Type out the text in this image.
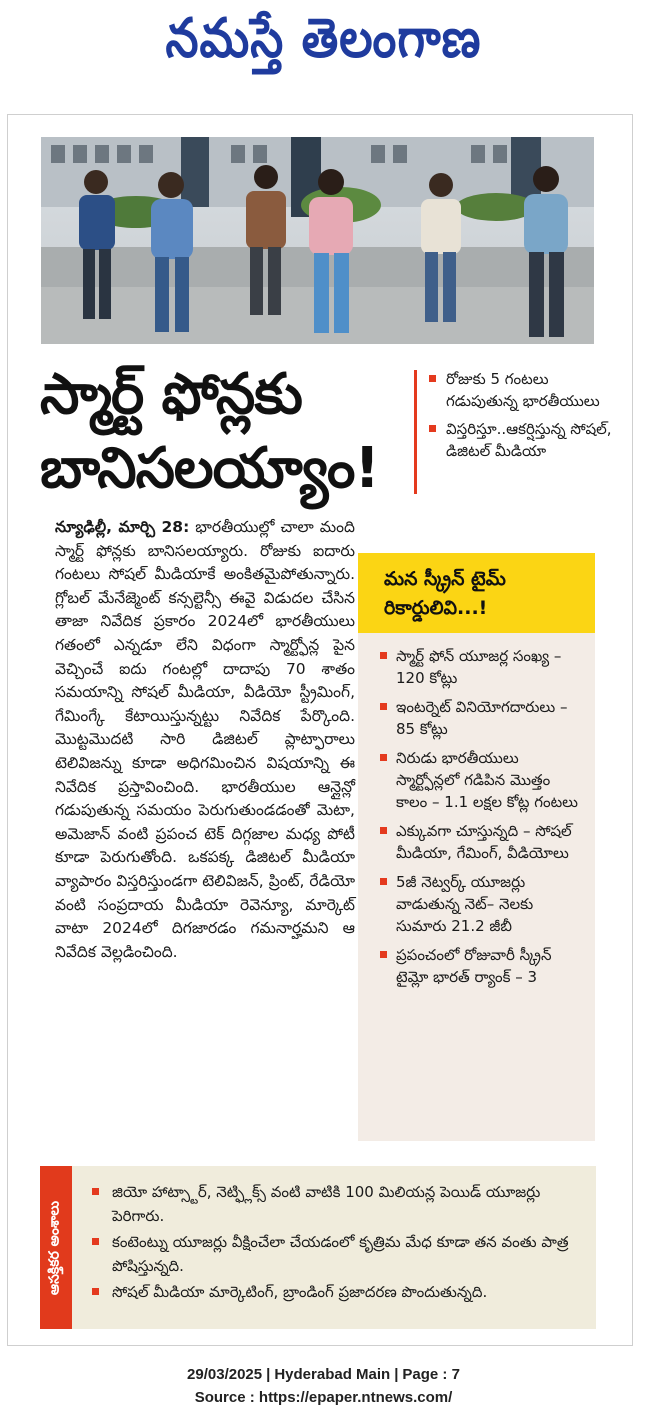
నమస్తే తెలంగాణ
స్మార్ట్ ఫోన్లకు
బానిసలయ్యాం!
రోజుకు 5 గంటలు గడుపుతున్న భారతీయులు
విస్తరిస్తూ..ఆకర్షిస్తున్న సోషల్, డిజిటల్ మీడియా
న్యూఢిల్లీ, మార్చి 28: భారతీయుల్లో చాలా మంది స్మార్ట్ ఫోన్లకు బానిసలయ్యారు. రోజుకు ఐదారు గంటలు సోషల్ మీడియాకే అంకితమైపోతున్నారు. గ్లోబల్ మేనేజ్మెంట్ కన్సల్టెన్సీ ఈవై విడుదల చేసిన తాజా నివేదిక ప్రకారం 2024లో భారతీయులు గతంలో ఎన్నడూ లేని విధంగా స్మార్ట్ఫోన్ల పైన వెచ్చించే ఐదు గంటల్లో దాదాపు 70 శాతం సమయాన్ని సోషల్ మీడియా, వీడియో స్ట్రీమింగ్, గేమింగ్కే కేటాయిస్తున్నట్టు నివేదిక పేర్కొంది. మొట్టమొదటి సారి డిజిటల్ ప్లాట్ఫారాలు టెలివిజన్ను కూడా అధిగమించిన విషయాన్ని ఈ నివేదిక ప్రస్తావించింది. భారతీయుల ఆన్లైన్లో గడుపుతున్న సమయం పెరుగుతుండడంతో మెటా, అమెజాన్ వంటి ప్రపంచ టెక్ దిగ్గజాల మధ్య పోటీ కూడా పెరుగుతోంది. ఒకపక్క డిజిటల్ మీడియా వ్యాపారం విస్తరిస్తుండగా టెలివిజన్, ప్రింట్, రేడియో వంటి సంప్రదాయ మీడియా రెవెన్యూ, మార్కెట్ వాటా 2024లో దిగజారడం గమనార్హమని ఆ నివేదిక వెల్లడించింది.
మన స్క్రీన్ టైమ్
రికార్డులివి...!
స్మార్ట్ ఫోన్ యూజర్ల సంఖ్య – 120 కోట్లు
ఇంటర్నెట్ వినియోగదారులు – 85 కోట్లు
నిరుడు భారతీయులు స్మార్ట్ఫోన్లలో గడిపిన మొత్తం కాలం – 1.1 లక్షల కోట్ల గంటలు
ఎక్కువగా చూస్తున్నది – సోషల్ మీడియా, గేమింగ్, వీడియోలు
5జీ నెట్వర్క్ యూజర్లు వాడుతున్న నెట్– నెలకు సుమారు 21.2 జీబీ
ప్రపంచంలో రోజువారీ స్క్రీన్ టైమ్లో భారత్ ర్యాంక్ – 3
ఆసక్తికర అంశాలు
జియో హాట్స్టార్, నెట్ఫ్లిక్స్ వంటి వాటికి 100 మిలియన్ల పెయిడ్ యూజర్లు పెరిగారు.
కంటెంట్ను యూజర్లు వీక్షించేలా చేయడంలో కృత్రిమ మేధ కూడా తన వంతు పాత్ర పోషిస్తున్నది.
సోషల్ మీడియా మార్కెటింగ్, బ్రాండింగ్ ప్రజాదరణ పొందుతున్నది.
29/03/2025 | Hyderabad Main | Page : 7
Source : https://epaper.ntnews.com/
